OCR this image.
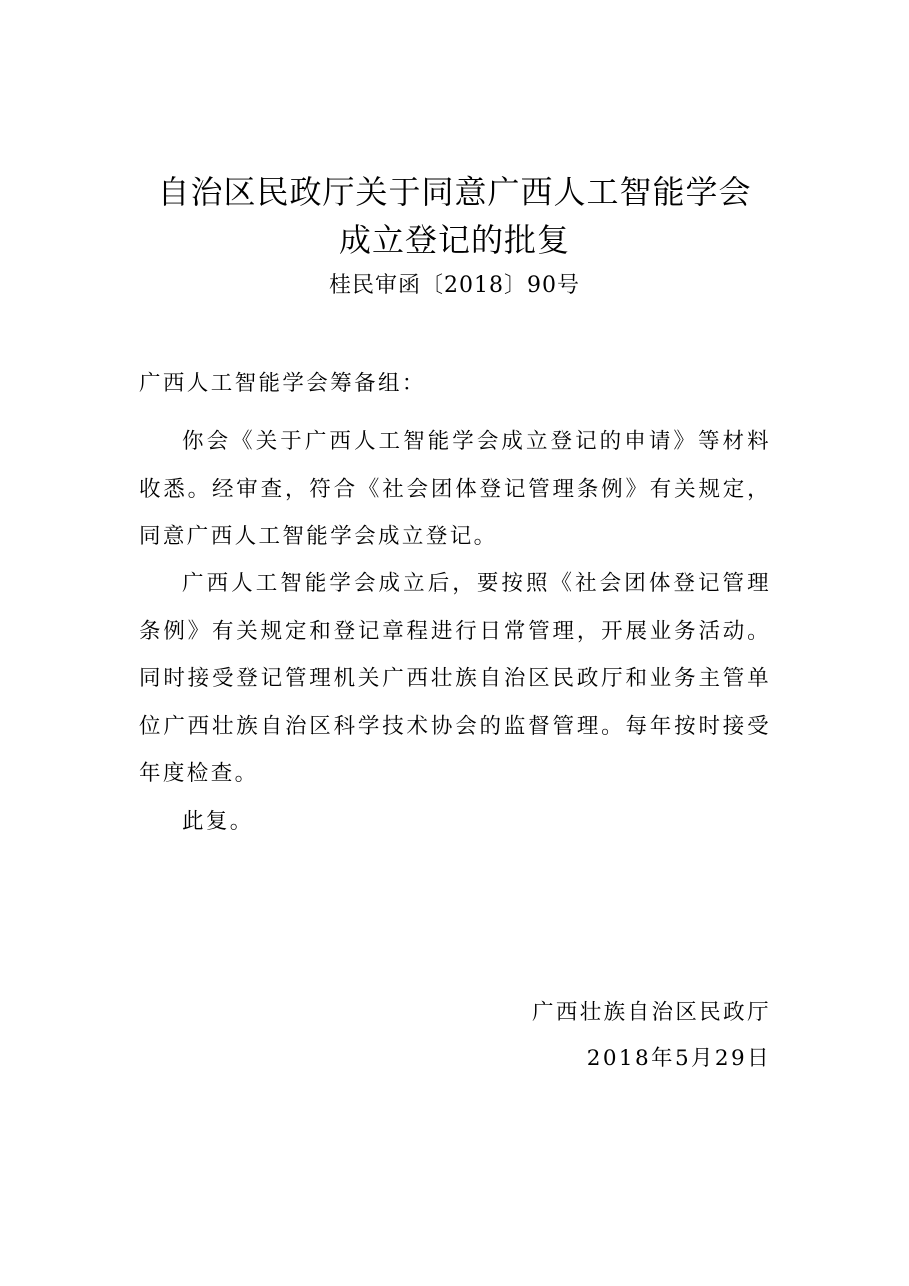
自治区民政厅关于同意广西人工智能学会
成立登记的批复
桂民审函〔2018〕90号
广西人工智能学会筹备组：

你会《关于广西人工智能学会成立登记的申请》等材料收悉。经审查，符合《社会团体登记管理条例》有关规定，同意广西人工智能学会成立登记。

广西人工智能学会成立后，要按照《社会团体登记管理条例》有关规定和登记章程进行日常管理，开展业务活动。同时接受登记管理机关广西壮族自治区民政厅和业务主管单位广西壮族自治区科学技术协会的监督管理。每年按时接受年度检查。

此复。

广西壮族自治区民政厅
2018年5月29日
